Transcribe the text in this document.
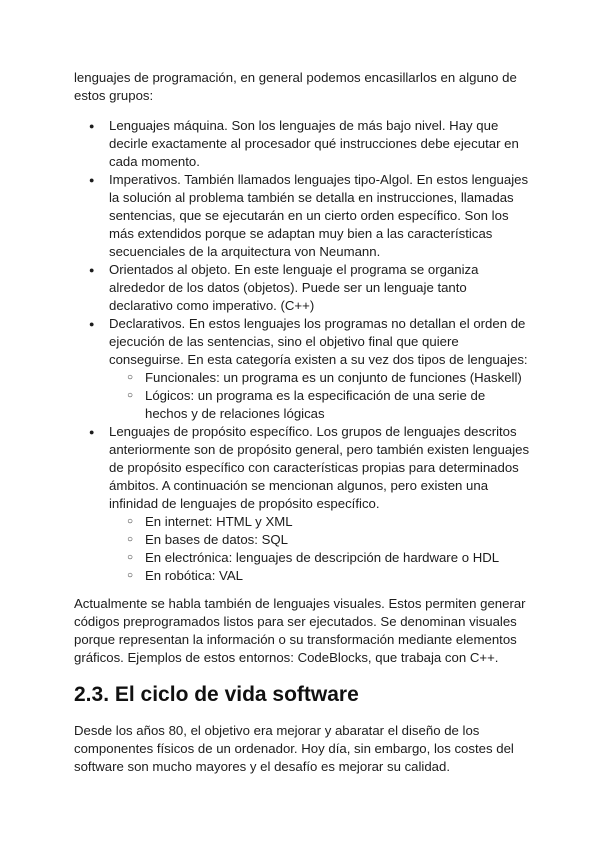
lenguajes de programación, en general podemos encasillarlos en alguno de estos grupos:

● Lenguajes máquina. Son los lenguajes de más bajo nivel. Hay que decirle exactamente al procesador qué instrucciones debe ejecutar en cada momento.
● Imperativos. También llamados lenguajes tipo-Algol. En estos lenguajes la solución al problema también se detalla en instrucciones, llamadas sentencias, que se ejecutarán en un cierto orden específico. Son los más extendidos porque se adaptan muy bien a las características secuenciales de la arquitectura von Neumann.
● Orientados al objeto. En este lenguaje el programa se organiza alrededor de los datos (objetos). Puede ser un lenguaje tanto declarativo como imperativo. (C++)
● Declarativos. En estos lenguajes los programas no detallan el orden de ejecución de las sentencias, sino el objetivo final que quiere conseguirse. En esta categoría existen a su vez dos tipos de lenguajes:
○ Funcionales: un programa es un conjunto de funciones (Haskell)
○ Lógicos: un programa es la especificación de una serie de hechos y de relaciones lógicas
● Lenguajes de propósito específico. Los grupos de lenguajes descritos anteriormente son de propósito general, pero también existen lenguajes de propósito específico con características propias para determinados ámbitos. A continuación se mencionan algunos, pero existen una infinidad de lenguajes de propósito específico.
○ En internet: HTML y XML
○ En bases de datos: SQL
○ En electrónica: lenguajes de descripción de hardware o HDL
○ En robótica: VAL

Actualmente se habla también de lenguajes visuales. Estos permiten generar códigos preprogramados listos para ser ejecutados. Se denominan visuales porque representan la información o su transformación mediante elementos gráficos. Ejemplos de estos entornos: CodeBlocks, que trabaja con C++.

2.3. El ciclo de vida software

Desde los años 80, el objetivo era mejorar y abaratar el diseño de los componentes físicos de un ordenador. Hoy día, sin embargo, los costes del software son mucho mayores y el desafío es mejorar su calidad.
